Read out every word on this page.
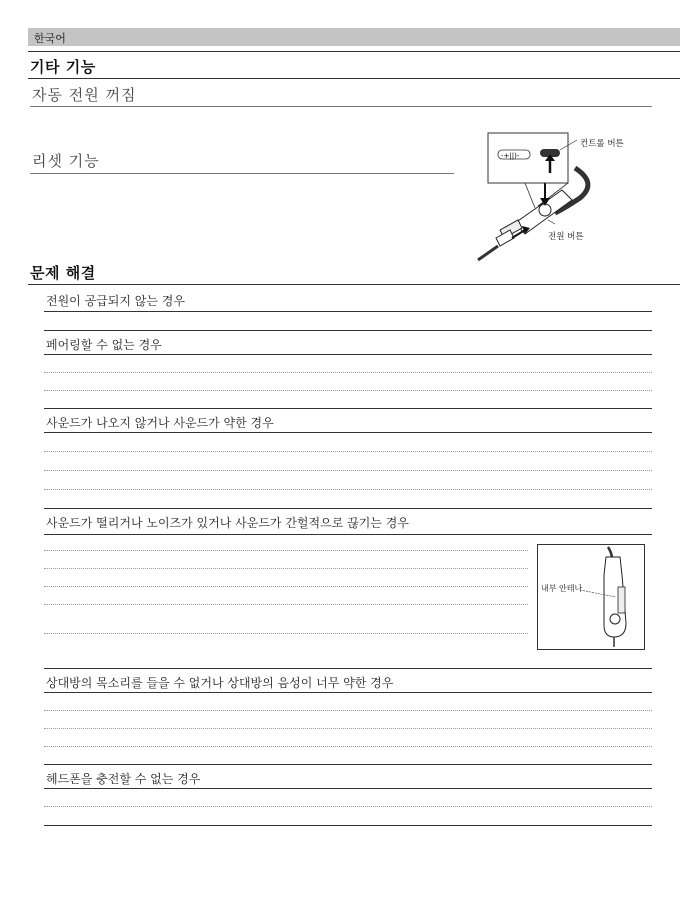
한국어
기타 기능
자동 전원 꺼짐
리셋 기능	-+||)-
컨트롤 버튼
전원 버튼
문제 해결
전원이 공급되지 않는 경우
페어링할 수 없는 경우
사운드가 나오지 않거나 사운드가 약한 경우
사운드가 떨리거나 노이즈가 있거나 사운드가 간헐적으로 끊기는 경우
내부 안테나
상대방의 목소리를 들을 수 없거나 상대방의 음성이 너무 약한 경우
헤드폰을 충전할 수 없는 경우
